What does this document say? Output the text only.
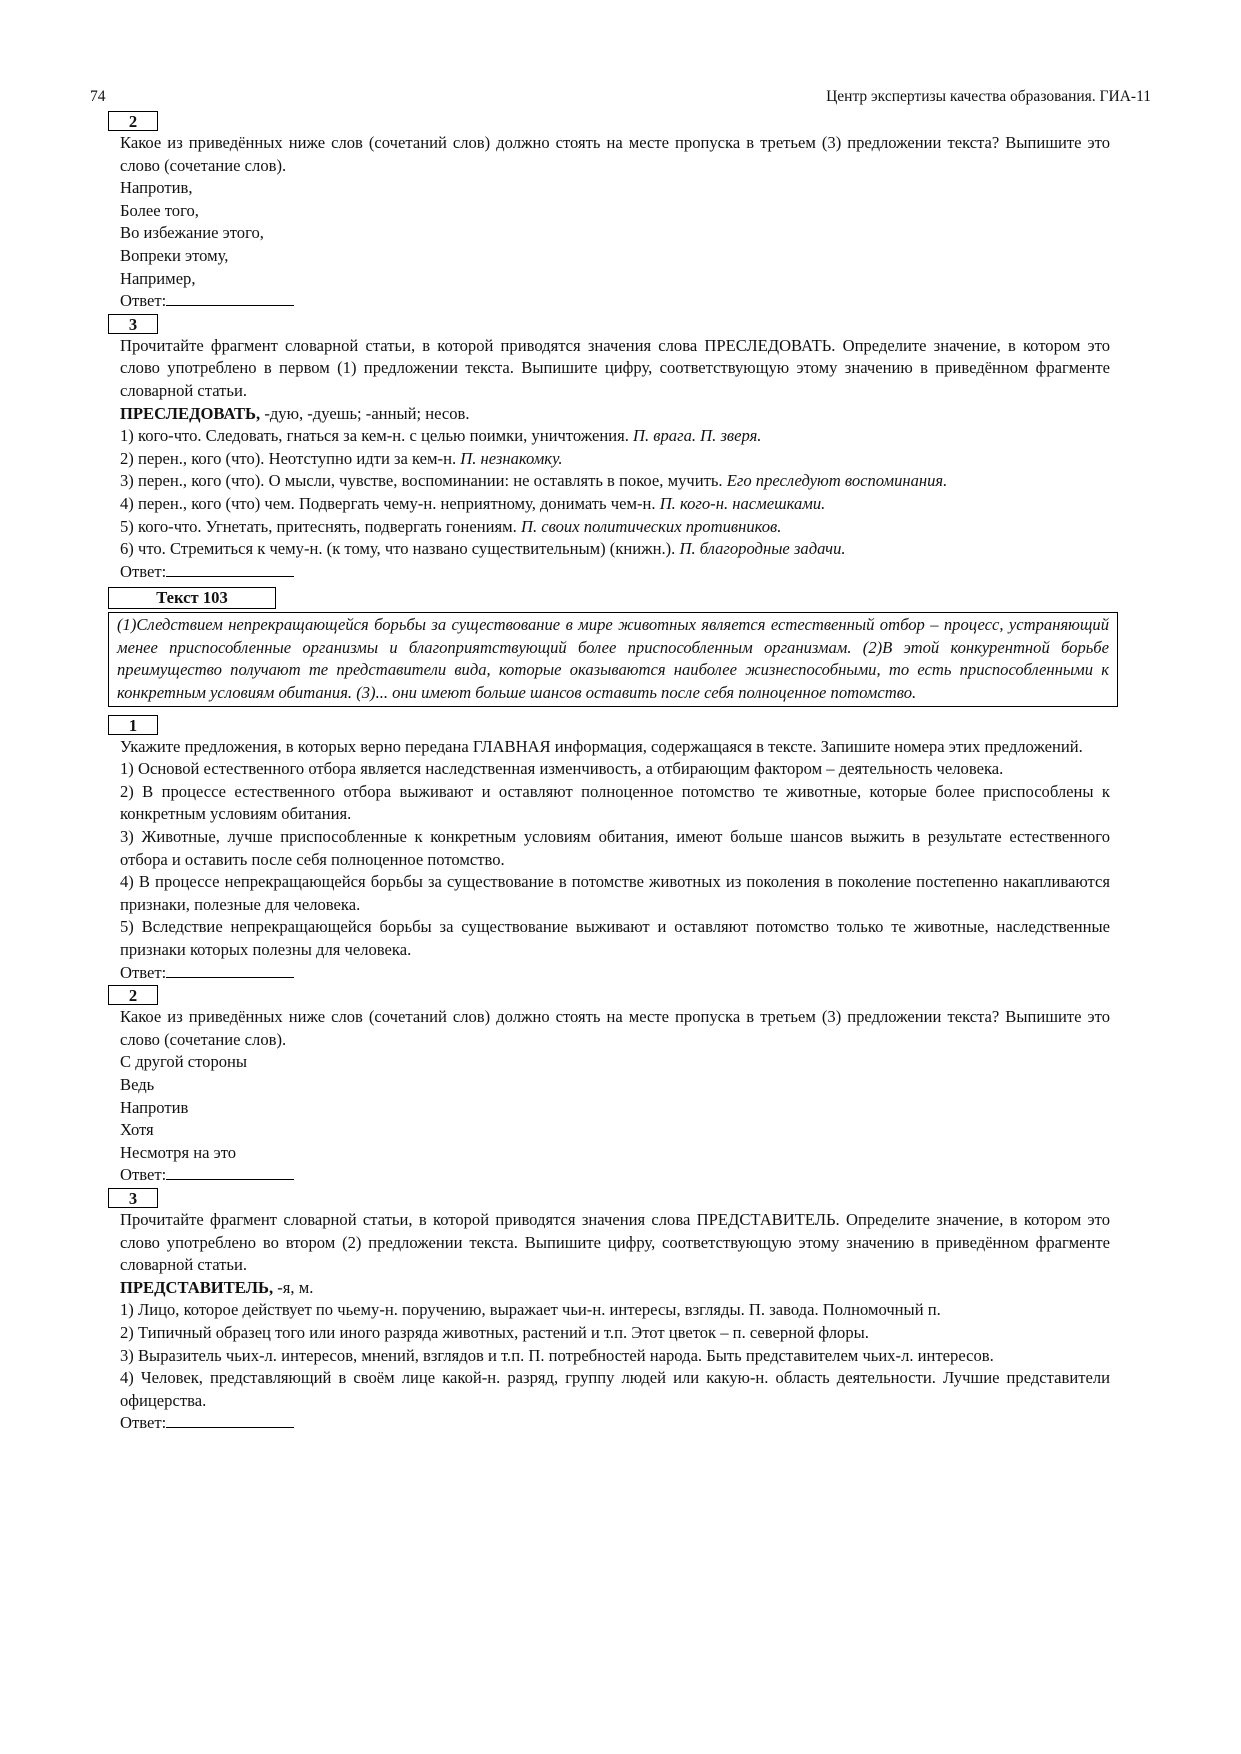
74	Центр экспертизы качества образования. ГИА-11
2

Какое из приведённых ниже слов (сочетаний слов) должно стоять на месте пропуска в третьем (3) предложении текста? Выпишите это слово (сочетание слов).

Напротив,

Более того,

Во избежание этого,

Вопреки этому,

Например,

Ответ:

3

Прочитайте фрагмент словарной статьи, в которой приводятся значения слова ПРЕСЛЕДОВАТЬ. Определите значение, в котором это слово употреблено в первом (1) предложении текста. Выпишите цифру, соответствующую этому значению в приведённом фрагменте словарной статьи.

ПРЕСЛЕДОВАТЬ, -дую, -дуешь; -анный; несов.

1) кого-что. Следовать, гнаться за кем-н. с целью поимки, уничтожения. П. врага. П. зверя.

2) перен., кого (что). Неотступно идти за кем-н. П. незнакомку.

3) перен., кого (что). О мысли, чувстве, воспоминании: не оставлять в покое, мучить. Его преследуют воспоминания.

4) перен., кого (что) чем. Подвергать чему-н. неприятному, донимать чем-н. П. кого-н. насмешками.

5) кого-что. Угнетать, притеснять, подвергать гонениям. П. своих политических противников.

6) что. Стремиться к чему-н. (к тому, что названо существительным) (книжн.). П. благородные задачи.

Ответ:

Текст 103
(1)Следствием непрекращающейся борьбы за существование в мире животных является естественный отбор – процесс, устраняющий менее приспособленные организмы и благоприятствующий более приспособленным организмам. (2)В этой конкурентной борьбе преимущество получают те представители вида, которые оказываются наиболее жизнеспособными, то есть приспособленными к конкретным условиям обитания. (3)... они имеют больше шансов оставить после себя полноценное потомство.
1

Укажите предложения, в которых верно передана ГЛАВНАЯ информация, содержащаяся в тексте. Запишите номера этих предложений.

1) Основой естественного отбора является наследственная изменчивость, а отбирающим фактором – деятельность человека.

2) В процессе естественного отбора выживают и оставляют полноценное потомство те животные, которые более приспособлены к конкретным условиям обитания.

3) Животные, лучше приспособленные к конкретным условиям обитания, имеют больше шансов выжить в результате естественного отбора и оставить после себя полноценное потомство.

4) В процессе непрекращающейся борьбы за существование в потомстве животных из поколения в поколение постепенно накапливаются признаки, полезные для человека.

5) Вследствие непрекращающейся борьбы за существование выживают и оставляют потомство только те животные, наследственные признаки которых полезны для человека.

Ответ:

2

Какое из приведённых ниже слов (сочетаний слов) должно стоять на месте пропуска в третьем (3) предложении текста? Выпишите это слово (сочетание слов).

С другой стороны

Ведь

Напротив

Хотя

Несмотря на это

Ответ:

3

Прочитайте фрагмент словарной статьи, в которой приводятся значения слова ПРЕДСТАВИТЕЛЬ. Определите значение, в котором это слово употреблено во втором (2) предложении текста. Выпишите цифру, соответствующую этому значению в приведённом фрагменте словарной статьи.

ПРЕДСТАВИТЕЛЬ, -я, м.

1) Лицо, которое действует по чьему-н. поручению, выражает чьи-н. интересы, взгляды. П. завода. Полномочный п.

2) Типичный образец того или иного разряда животных, растений и т.п. Этот цветок – п. северной флоры.

3) Выразитель чьих-л. интересов, мнений, взглядов и т.п. П. потребностей народа. Быть представителем чьих-л. интересов.

4) Человек, представляющий в своём лице какой-н. разряд, группу людей или какую-н. область деятельности. Лучшие представители офицерства.

Ответ:
